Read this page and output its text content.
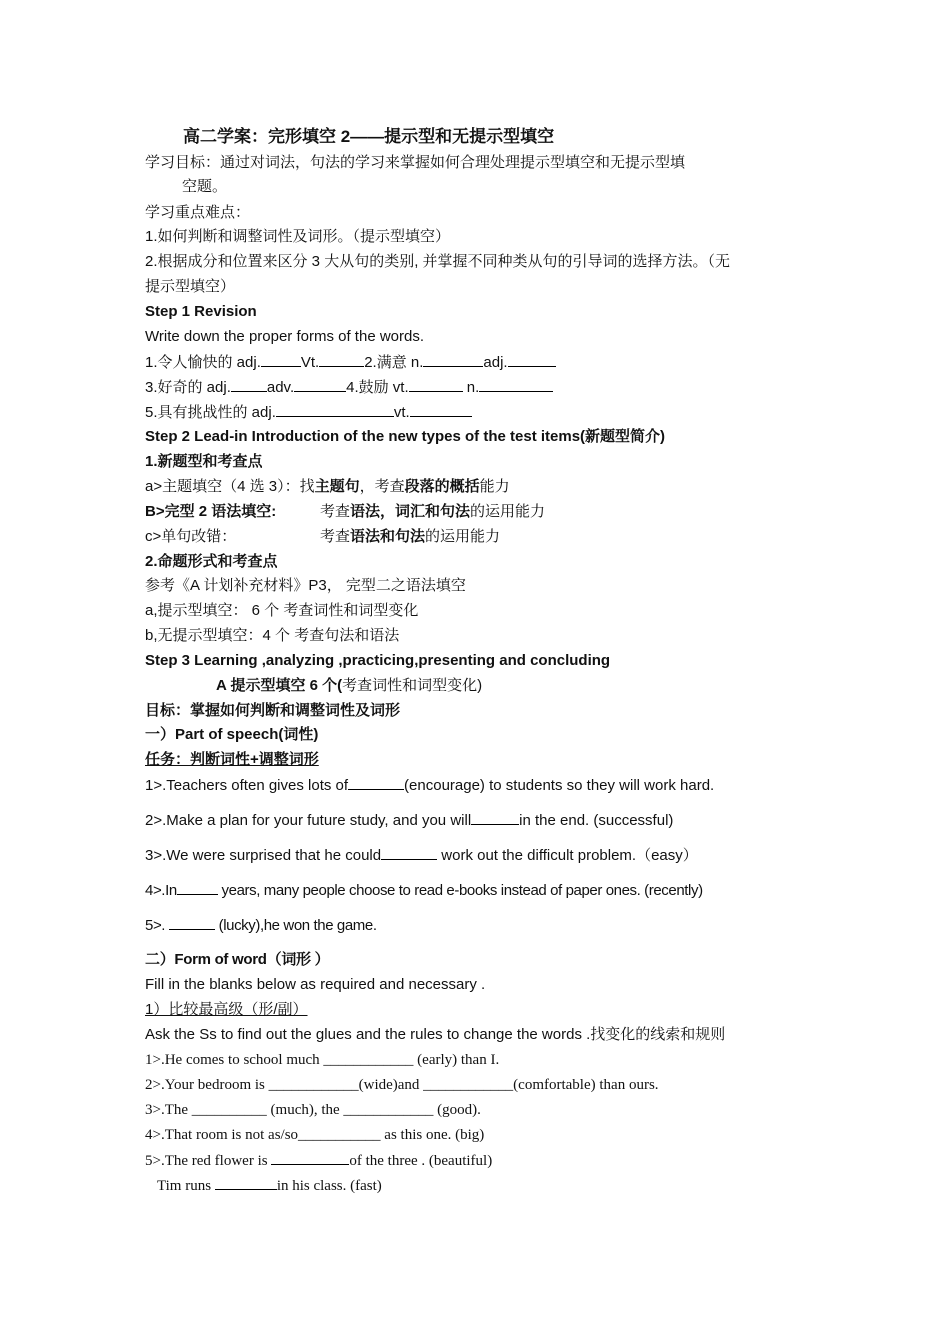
高二学案：完形填空 2——提示型和无提示型填空
学习目标：通过对词法，句法的学习来掌握如何合理处理提示型填空和无提示型填
空题。
学习重点难点：
1.如何判断和调整词性及词形。（提示型填空）
2.根据成分和位置来区分 3 大从句的类别, 并掌握不同种类从句的引导词的选择方法。（无
提示型填空）
Step 1 Revision
Write down the proper forms of the words.
1.令人愉快的 adj.	Vt.	2.满意 n.	adj.
3.好奇的 adj. adv.	4.鼓励 vt.	n.
5.具有挑战性的 adj.	vt.
Step 2 Lead-in Introduction of the new types of the test items(新题型简介)
1.新题型和考查点
a>主题填空（4 选 3）：找主题句，考查段落的概括能力
B>完型 2 语法填空:	考查语法，词汇和句法的运用能力
c>单句改错：	考查语法和句法的运用能力
2.命题形式和考查点
参考《A 计划补充材料》P3， 完型二之语法填空
a,提示型填空： 6 个 考查词性和词型变化
b,无提示型填空：4 个 考查句法和语法
Step 3 Learning ,analyzing ,practicing,presenting and concluding
A 提示型填空 6 个(考查词性和词型变化)
目标：掌握如何判断和调整词性及词形
一）Part of speech(词性)
任务：判断词性+调整词形
1>.Teachers often gives lots of	(encourage) to students so they will work hard.
2>.Make a plan for your future study, and you will	in the end. (successful)
3>.We were surprised that he could	work out the difficult problem.（easy）
4>.In	years, many people choose to read e-books instead of paper ones. (recently)
5>.	(lucky),he won the game.
二）Form of word（词形 ）
Fill in the blanks below as required and necessary .
1）比较最高级（形/副）
Ask the Ss to find out the glues and the rules to change the words .找变化的线索和规则
1>.He comes to school much ____________ (early) than I.
2>.Your bedroom is ____________(wide)and ____________(comfortable) than ours.
3>.The __________ (much), the ____________ (good).
4>.That room is not as/so___________ as this one. (big)
5>.The red flower is	of the three . (beautiful)
Tim runs	in his class. (fast)
